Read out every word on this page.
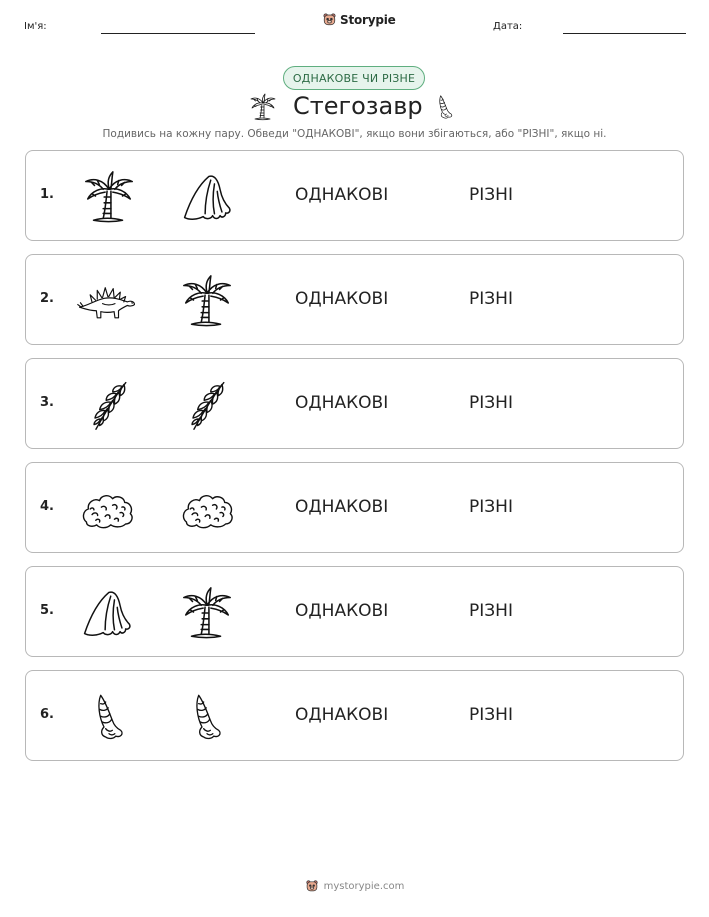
Ім'я:	Storypie	Дата:
ОДНАКОВЕ ЧИ РІЗНЕ
Стегозавр
Подивись на кожну пару. Обведи "ОДНАКОВІ", якщо вони збігаються, або "РІЗНІ", якщо ні.
1.	ОДНАКОВІ	РІЗНІ
2.	ОДНАКОВІ	РІЗНІ
3.	ОДНАКОВІ	РІЗНІ
4.	ОДНАКОВІ	РІЗНІ
5.	ОДНАКОВІ	РІЗНІ
6.	ОДНАКОВІ	РІЗНІ
mystorypie.com
